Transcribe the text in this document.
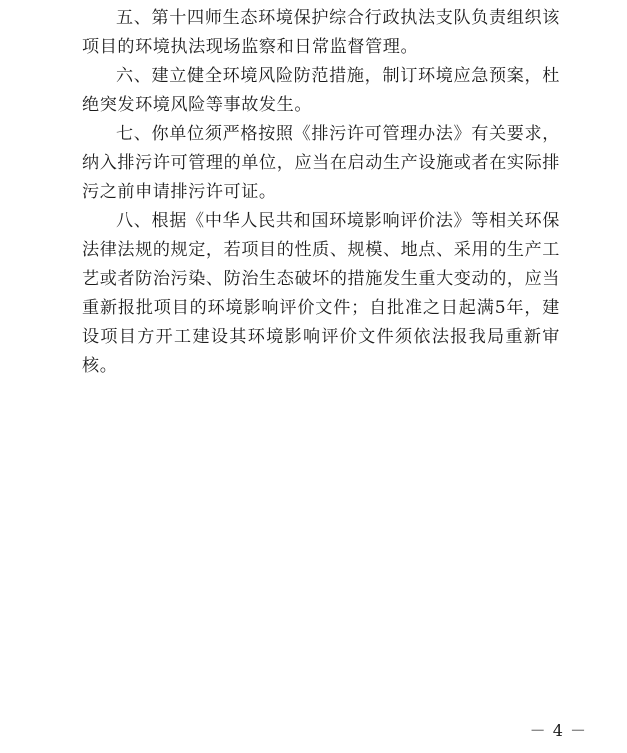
五、第十四师生态环境保护综合行政执法支队负责组织该项目的环境执法现场监察和日常监督管理。

六、建立健全环境风险防范措施，制订环境应急预案，杜绝突发环境风险等事故发生。

七、你单位须严格按照《排污许可管理办法》有关要求，纳入排污许可管理的单位，应当在启动生产设施或者在实际排污之前申请排污许可证。

八、根据《中华人民共和国环境影响评价法》等相关环保法律法规的规定，若项目的性质、规模、地点、采用的生产工艺或者防治污染、防治生态破坏的措施发生重大变动的，应当重新报批项目的环境影响评价文件；自批准之日起满5年，建设项目方开工建设其环境影响评价文件须依法报我局重新审核。

－ 4 －
